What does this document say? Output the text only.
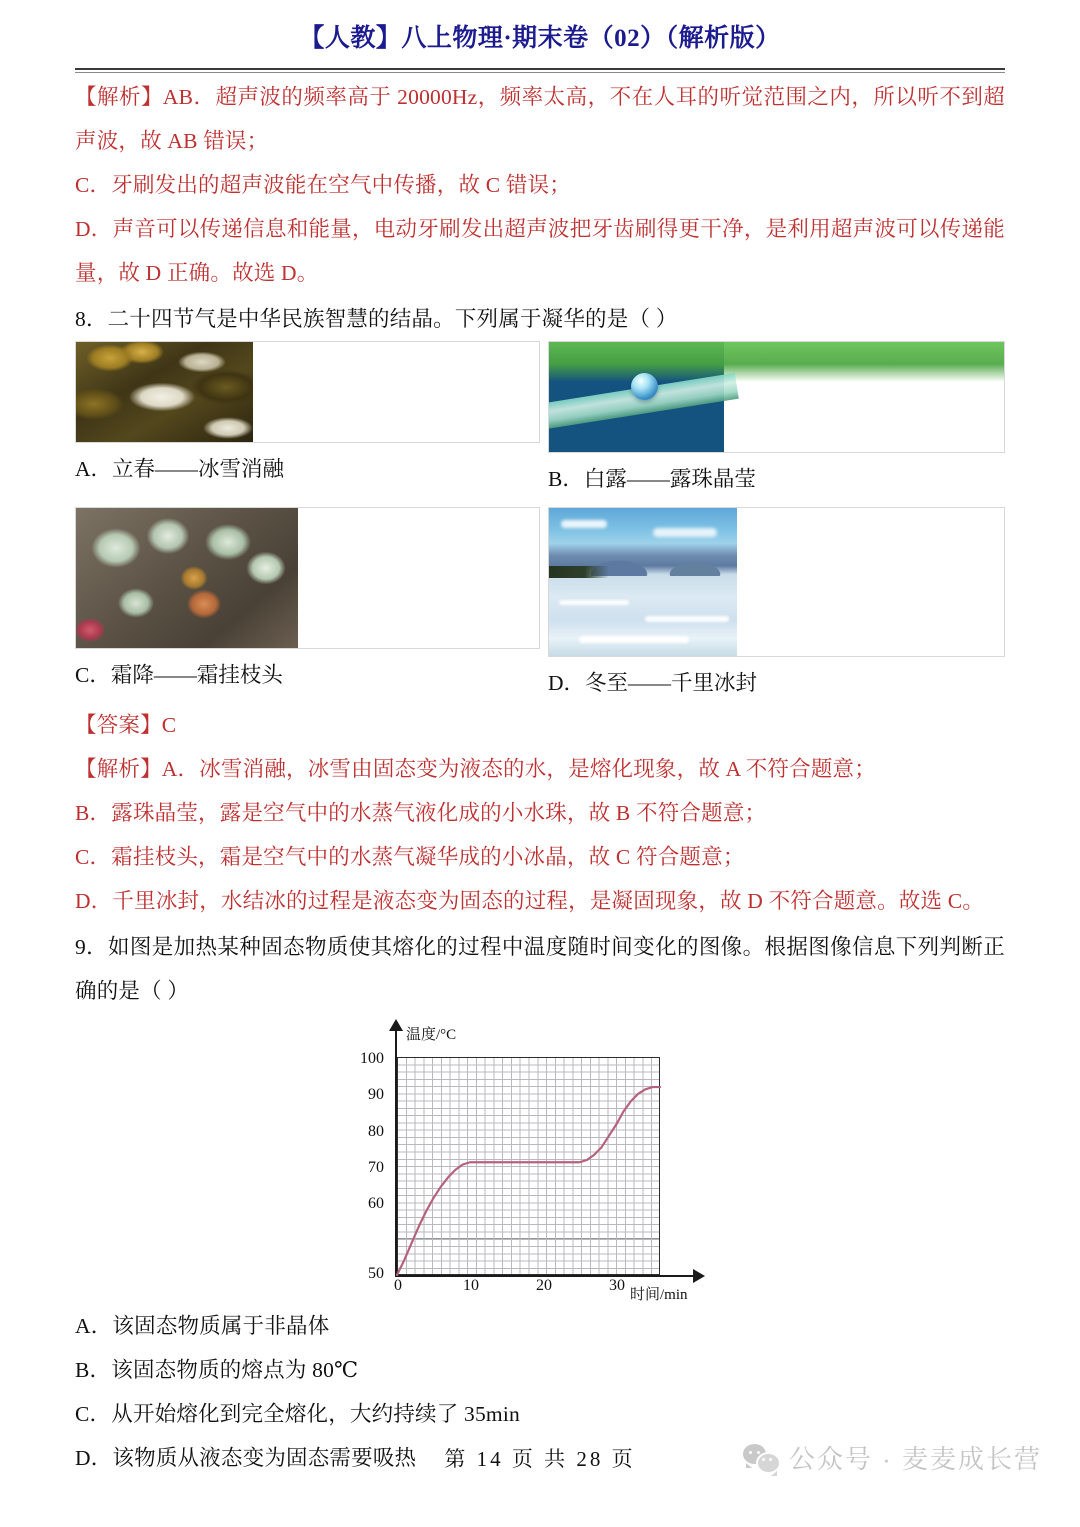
【人教】八上物理·期末卷（02）（解析版）
【解析】AB．超声波的频率高于 20000Hz，频率太高，不在人耳的听觉范围之内，所以听不到超声波，故 AB 错误；
C．牙刷发出的超声波能在空气中传播，故 C 错误；
D．声音可以传递信息和能量，电动牙刷发出超声波把牙齿刷得更干净，是利用超声波可以传递能量，故 D 正确。故选 D。
8．二十四节气是中华民族智慧的结晶。下列属于凝华的是（ ）
A．立春——冰雪消融	B．白露——露珠晶莹
C．霜降——霜挂枝头	D．冬至——千里冰封
【答案】C
【解析】A．冰雪消融，冰雪由固态变为液态的水，是熔化现象，故 A 不符合题意；
B．露珠晶莹，露是空气中的水蒸气液化成的小水珠，故 B 不符合题意；
C．霜挂枝头，霜是空气中的水蒸气凝华成的小冰晶，故 C 符合题意；
D．千里冰封，水结冰的过程是液态变为固态的过程，是凝固现象，故 D 不符合题意。故选 C。
9．如图是加热某种固态物质使其熔化的过程中温度随时间变化的图像。根据图像信息下列判断正确的是（ ）
温度/°C
时间/min
100
90
80
70
60
50
0	10	20	30
A．该固态物质属于非晶体
B．该固态物质的熔点为 80℃
C．从开始熔化到完全熔化，大约持续了 35min
D．该物质从液态变为固态需要吸热	第 14 页 共 28 页	公众号 · 麦麦成长营
